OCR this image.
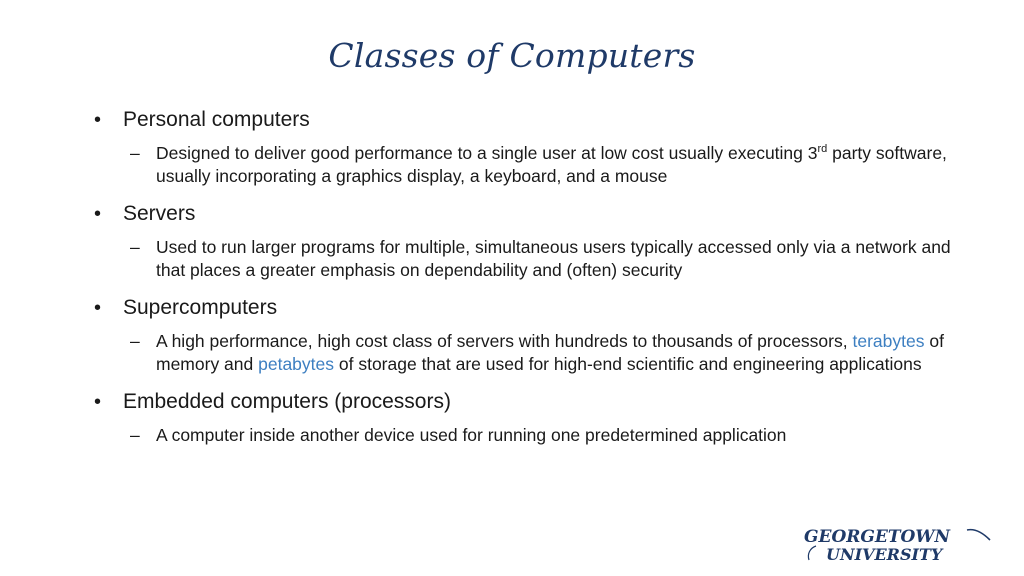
Classes of Computers
• Personal computers
– Designed to deliver good performance to a single user at low cost usually executing 3rd party software, usually incorporating a graphics display, a keyboard, and a mouse
• Servers
– Used to run larger programs for multiple, simultaneous users typically accessed only via a network and that places a greater emphasis on dependability and (often) security
• Supercomputers
– A high performance, high cost class of servers with hundreds to thousands of processors, terabytes of memory and petabytes of storage that are used for high-end scientific and engineering applications
• Embedded computers (processors)
– A computer inside another device used for running one predetermined application
GEORGETOWN
UNIVERSITY
